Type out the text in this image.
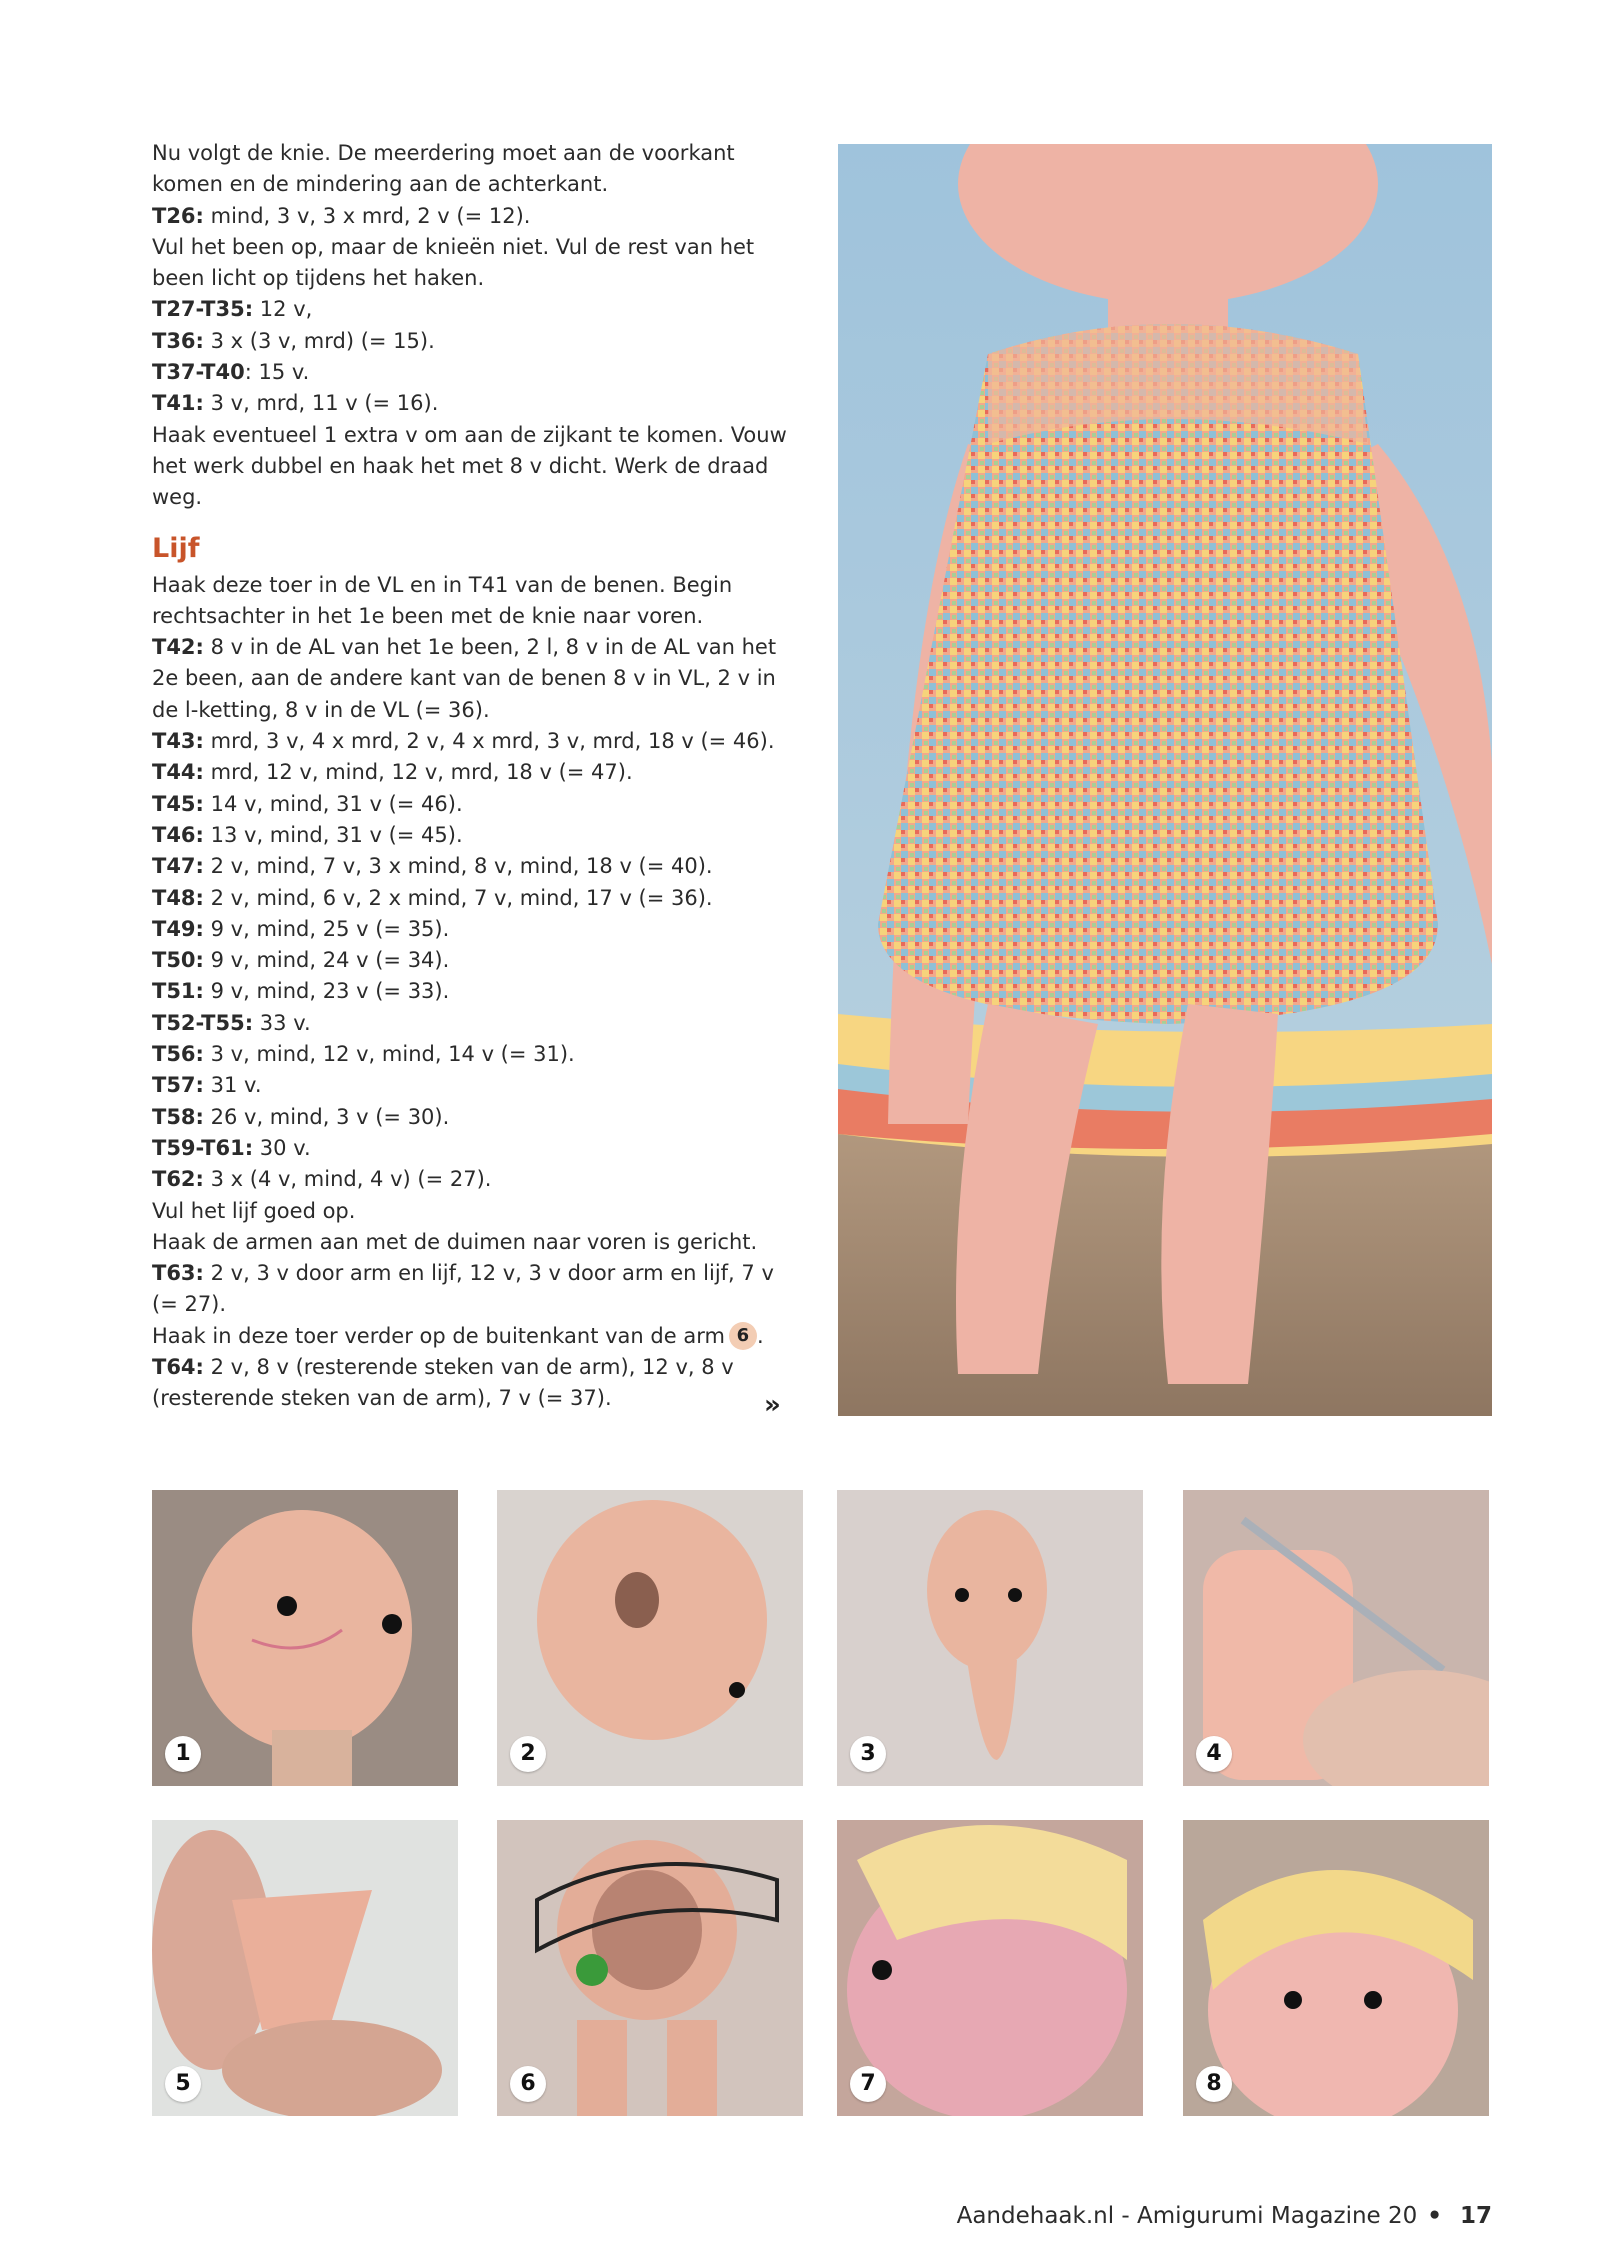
Nu volgt de knie. De meerdering moet aan de voorkant komen en de mindering aan de achterkant.

T26: mind, 3 v, 3 x mrd, 2 v (= 12).

Vul het been op, maar de knieën niet. Vul de rest van het been licht op tijdens het haken.

T27-T35: 12 v,

T36: 3 x (3 v, mrd) (= 15).

T37-T40: 15 v.

T41: 3 v, mrd, 11 v (= 16).

Haak eventueel 1 extra v om aan de zijkant te komen. Vouw het werk dubbel en haak het met 8 v dicht. Werk de draad weg.

Lijf

Haak deze toer in de VL en in T41 van de benen. Begin rechtsachter in het 1e been met de knie naar voren.

T42: 8 v in de AL van het 1e been, 2 l, 8 v in de AL van het 2e been, aan de andere kant van de benen 8 v in VL, 2 v in de l-ketting, 8 v in de VL (= 36).

T43: mrd, 3 v, 4 x mrd, 2 v, 4 x mrd, 3 v, mrd, 18 v (= 46).

T44: mrd, 12 v, mind, 12 v, mrd, 18 v (= 47).

T45: 14 v, mind, 31 v (= 46).

T46: 13 v, mind, 31 v (= 45).

T47: 2 v, mind, 7 v, 3 x mind, 8 v, mind, 18 v (= 40).

T48: 2 v, mind, 6 v, 2 x mind, 7 v, mind, 17 v (= 36).

T49: 9 v, mind, 25 v (= 35).

T50: 9 v, mind, 24 v (= 34).

T51: 9 v, mind, 23 v (= 33).

T52-T55: 33 v.

T56: 3 v, mind, 12 v, mind, 14 v (= 31).

T57: 31 v.

T58: 26 v, mind, 3 v (= 30).

T59-T61: 30 v.

T62: 3 x (4 v, mind, 4 v) (= 27).

Vul het lijf goed op.

Haak de armen aan met de duimen naar voren is gericht.

T63: 2 v, 3 v door arm en lijf, 12 v, 3 v door arm en lijf, 7 v (= 27).

Haak in deze toer verder op de buitenkant van de arm 6 .

T64: 2 v, 8 v (resterende steken van de arm), 12 v, 8 v (resterende steken van de arm), 7 v (= 37).	»
1	2	3	4
5	6	7	8
Aandehaak.nl - Amigurumi Magazine 20 • 17
